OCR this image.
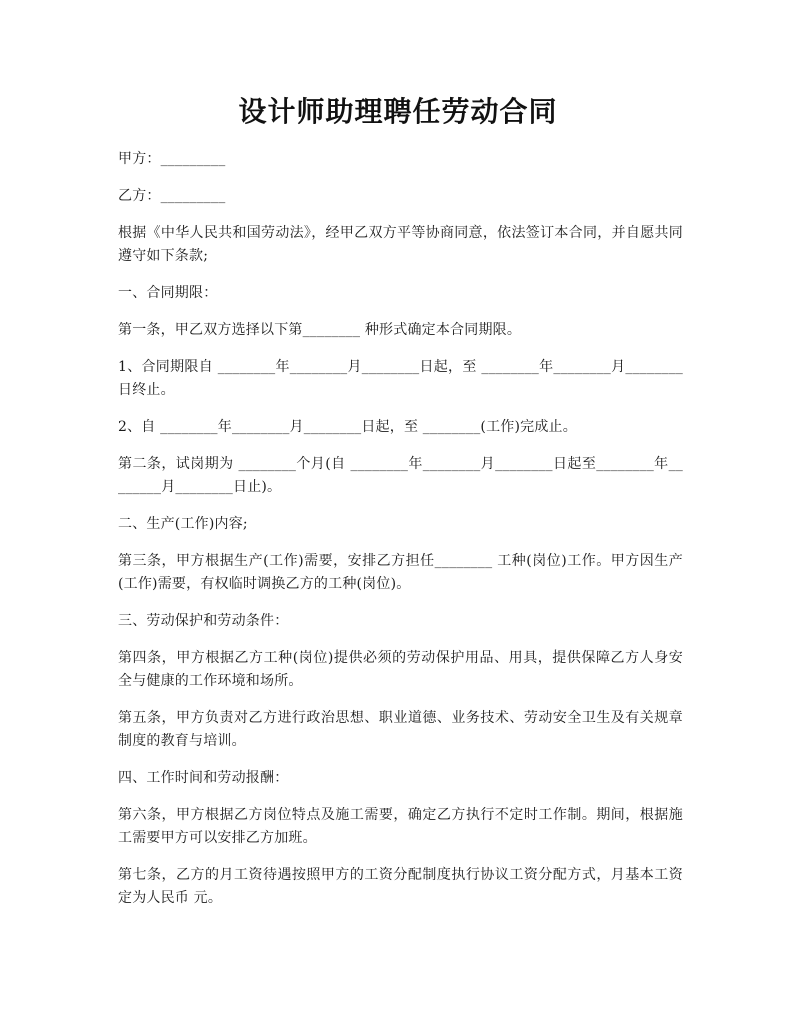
设计师助理聘任劳动合同

甲方：_________

乙方：_________

根据《中华人民共和国劳动法》，经甲乙双方平等协商同意，依法签订本合同，并自愿共同遵守如下条款;

一、合同期限：

第一条，甲乙双方选择以下第________ 种形式确定本合同期限。

1、合同期限自 ________年________月________日起，至 ________年________月________日终止。

2、自 ________年________月________日起，至 ________(工作)完成止。

第二条，试岗期为 ________个月(自 ________年________月________日起至________年________月________日止)。

二、生产(工作)内容;

第三条，甲方根据生产(工作)需要，安排乙方担任________ 工种(岗位)工作。甲方因生产(工作)需要，有权临时调换乙方的工种(岗位)。

三、劳动保护和劳动条件：

第四条，甲方根据乙方工种(岗位)提供必须的劳动保护用品、用具，提供保障乙方人身安全与健康的工作环境和场所。

第五条，甲方负责对乙方进行政治思想、职业道德、业务技术、劳动安全卫生及有关规章制度的教育与培训。

四、工作时间和劳动报酬：

第六条，甲方根据乙方岗位特点及施工需要，确定乙方执行不定时工作制。期间，根据施工需要甲方可以安排乙方加班。

第七条，乙方的月工资待遇按照甲方的工资分配制度执行协议工资分配方式，月基本工资定为人民币 元。
